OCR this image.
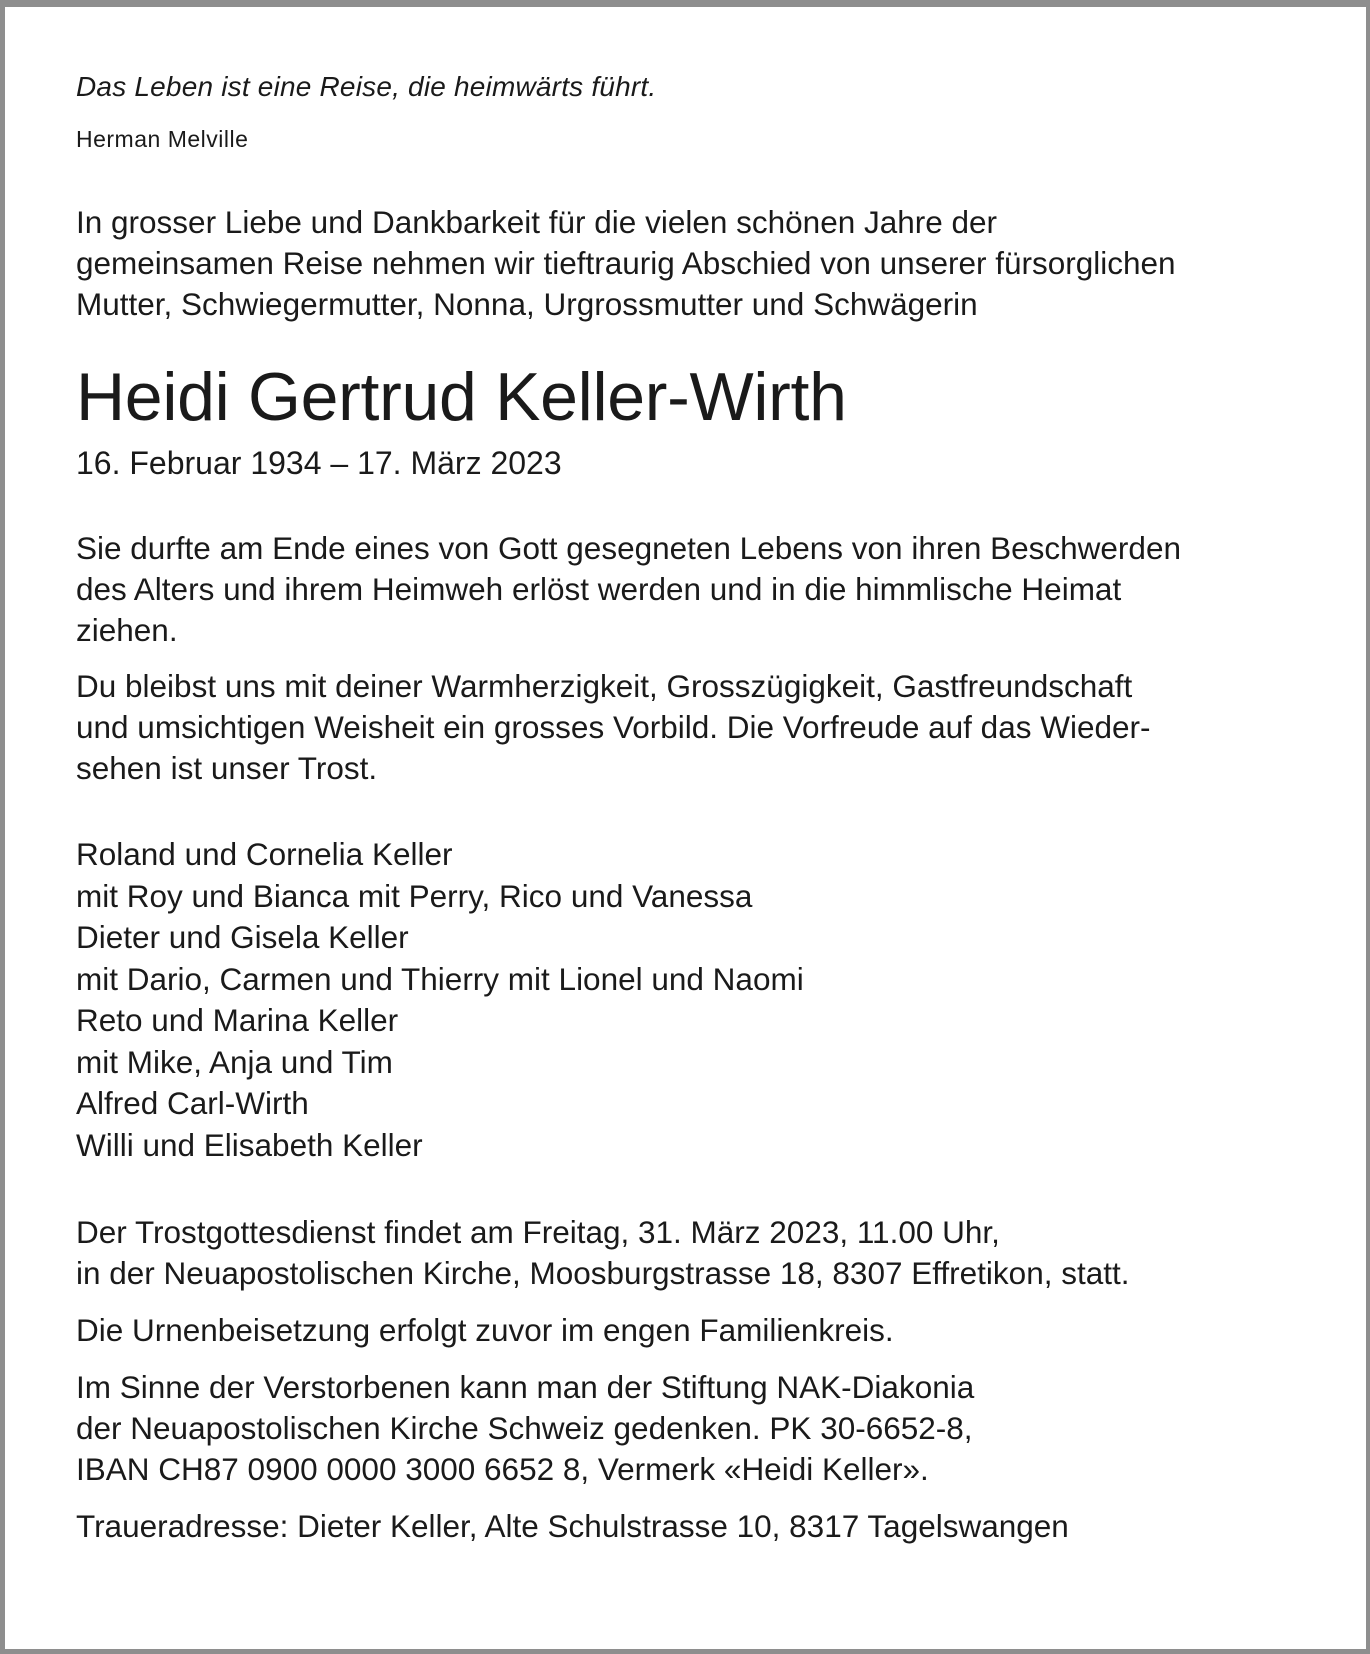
Das Leben ist eine Reise, die heimwärts führt.

Herman Melville

In grosser Liebe und Dankbarkeit für die vielen schönen Jahre der
gemeinsamen Reise nehmen wir tieftraurig Abschied von unserer fürsorglichen
Mutter, Schwiegermutter, Nonna, Urgrossmutter und Schwägerin

Heidi Gertrud Keller-Wirth

16. Februar 1934 – 17. März 2023

Sie durfte am Ende eines von Gott gesegneten Lebens von ihren Beschwerden
des Alters und ihrem Heimweh erlöst werden und in die himmlische Heimat
ziehen.

Du bleibst uns mit deiner Warmherzigkeit, Grosszügigkeit, Gastfreundschaft
und umsichtigen Weisheit ein grosses Vorbild. Die Vorfreude auf das Wieder-
sehen ist unser Trost.

Roland und Cornelia Keller
mit Roy und Bianca mit Perry, Rico und Vanessa
Dieter und Gisela Keller
mit Dario, Carmen und Thierry mit Lionel und Naomi
Reto und Marina Keller
mit Mike, Anja und Tim
Alfred Carl-Wirth
Willi und Elisabeth Keller

Der Trostgottesdienst findet am Freitag, 31. März 2023, 11.00 Uhr,
in der Neuapostolischen Kirche, Moosburgstrasse 18, 8307 Effretikon, statt.

Die Urnenbeisetzung erfolgt zuvor im engen Familienkreis.

Im Sinne der Verstorbenen kann man der Stiftung NAK-Diakonia
der Neuapostolischen Kirche Schweiz gedenken. PK 30-6652-8,
IBAN CH87 0900 0000 3000 6652 8, Vermerk «Heidi Keller».

Traueradresse: Dieter Keller, Alte Schulstrasse 10, 8317 Tagelswangen
